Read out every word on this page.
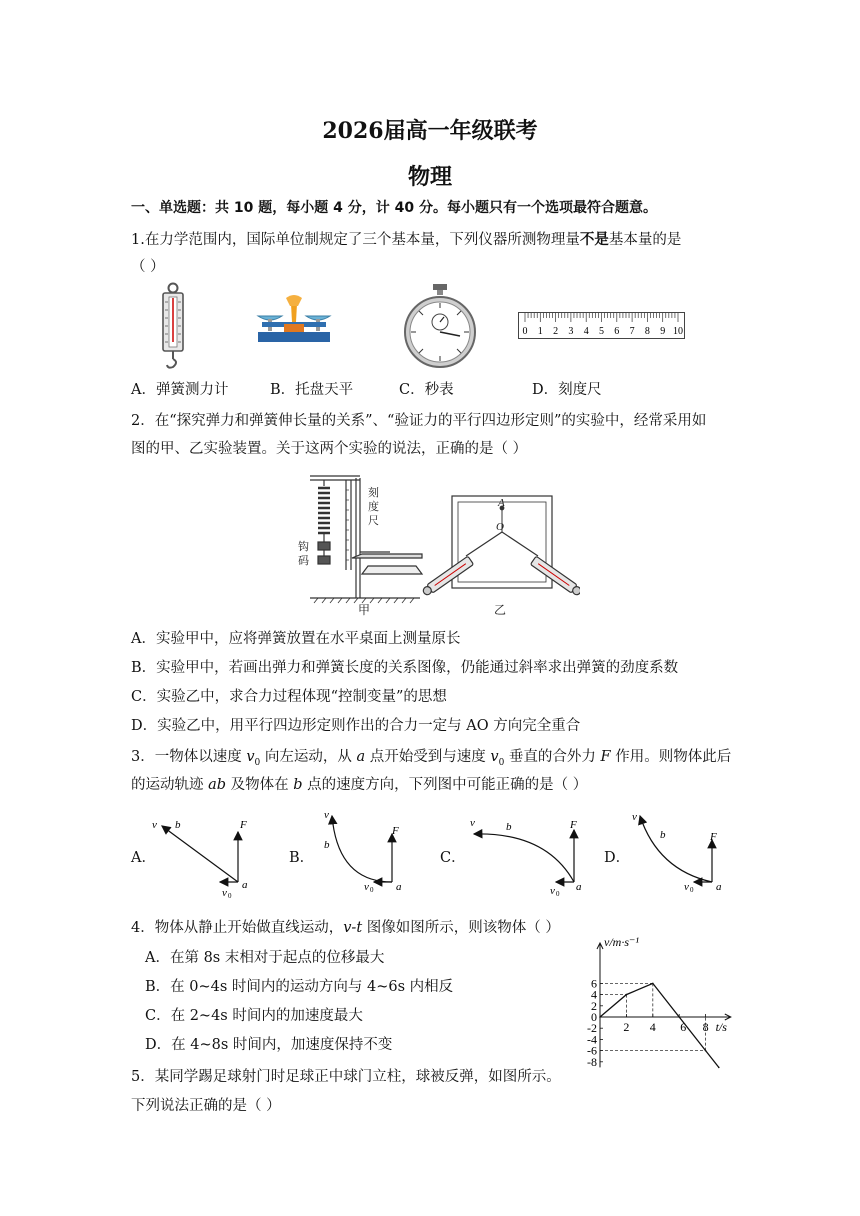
2026届高一年级联考
物理
一、单选题：共 10 题，每小题 4 分，计 40 分。每小题只有一个选项最符合题意。
1.在力学范围内，国际单位制规定了三个基本量，下列仪器所测物理量不是基本量的是
（ ）
0 1 2 3 4 5 6 7 8 9 10
A．弹簧测力计	B．托盘天平	C．秒表	D．刻度尺
2．在“探究弹力和弹簧伸长量的关系”、“验证力的平行四边形定则”的实验中，经常采用如
图的甲、乙实验装置。关于这两个实验的说法，正确的是（ ）
刻
度
尺
钩
码
甲
A
O
乙
A．实验甲中，应将弹簧放置在水平桌面上测量原长
B．实验甲中，若画出弹力和弹簧长度的关系图像，仍能通过斜率求出弹簧的劲度系数
C．实验乙中，求合力过程体现“控制变量”的思想
D．实验乙中，用平行四边形定则作出的合力一定与 AO 方向完全重合
3．一物体以速度 $v_0$ 向左运动，从 a 点开始受到与速度 $v_0$ 垂直的合外力 F 作用。则物体此后
的运动轨迹 ab 及物体在 b 点的速度方向，下列图中可能正确的是（ ）
A．	B．	C．	D．
v b	F
v 0
a
v
b
F
v 0 a
v	b	F
v 0
a
v
b	F
v 0 a
4．物体从静止开始做直线运动，v-t 图像如图所示，则该物体（ ）
A．在第 8s 末相对于起点的位移最大
B．在 0~4s 时间内的运动方向与 4~6s 内相反
C．在 2~4s 时间内的加速度最大
D．在 4~8s 时间内，加速度保持不变
6
4
2
0
-2
-4
-6
-8
2 4 6 8
v/m·s⁻¹
t/s
5．某同学踢足球射门时足球正中球门立柱，球被反弹，如图所示。
下列说法正确的是（ ）
